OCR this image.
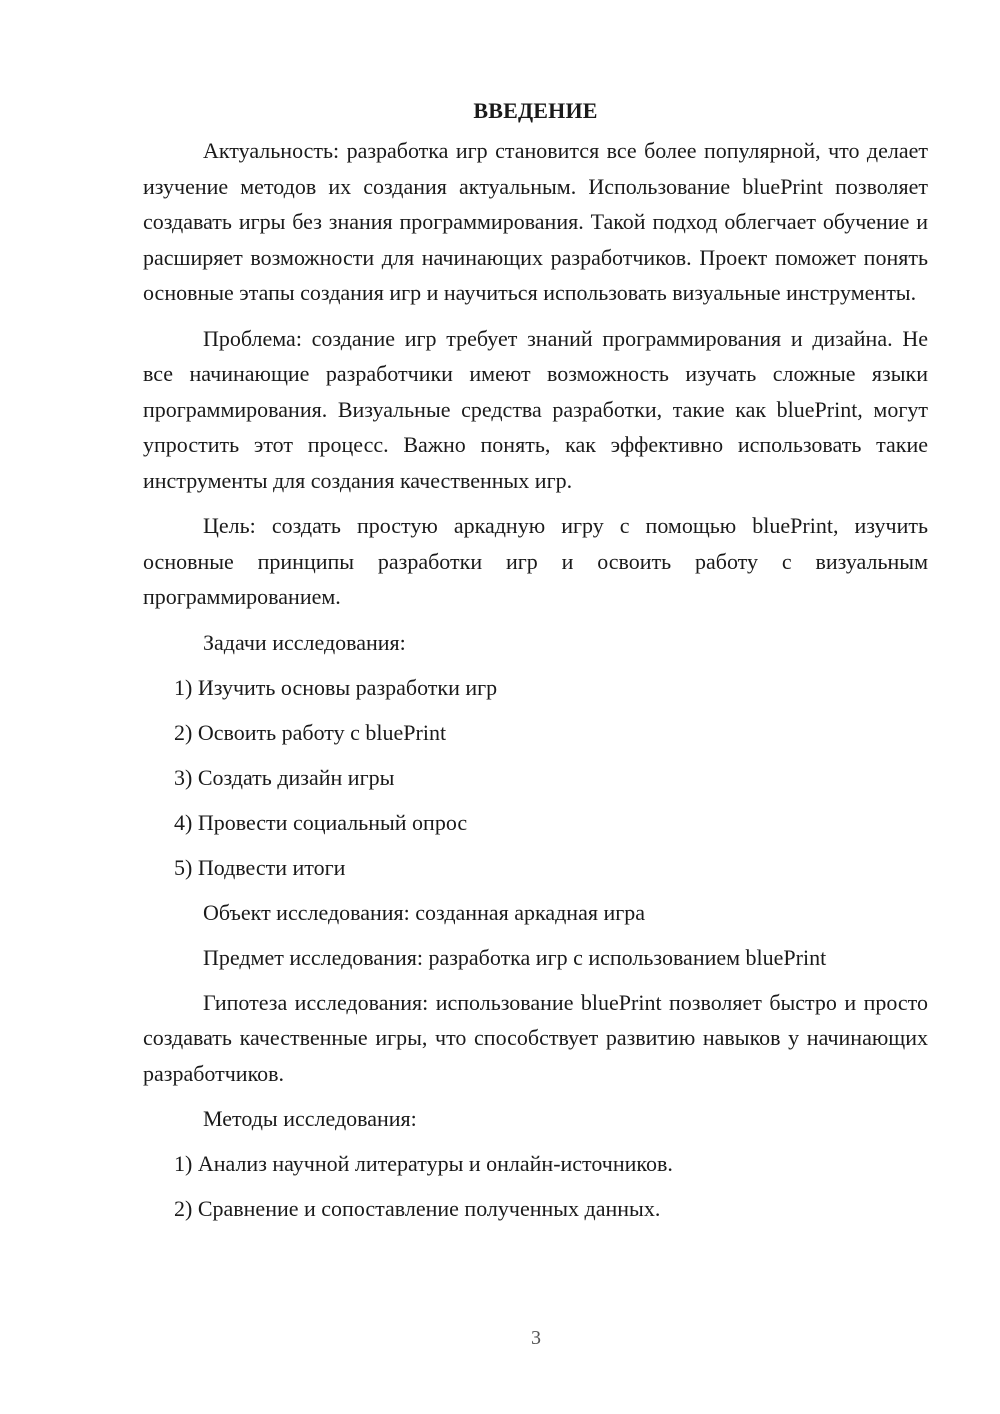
ВВЕДЕНИЕ

Актуальность: разработка игр становится все более популярной, что делает изучение методов их создания актуальным. Использование bluePrint позволяет создавать игры без знания программирования. Такой подход облегчает обучение и расширяет возможности для начинающих разработчиков. Проект поможет понять основные этапы создания игр и научиться использовать визуальные инструменты.

Проблема: создание игр требует знаний программирования и дизайна. Не все начинающие разработчики имеют возможность изучать сложные языки программирования. Визуальные средства разработки, такие как bluePrint, могут упростить этот процесс. Важно понять, как эффективно использовать такие инструменты для создания качественных игр.

Цель: создать простую аркадную игру с помощью bluePrint, изучить основные принципы разработки игр и освоить работу с визуальным программированием.

Задачи исследования:
1) Изучить основы разработки игр
2) Освоить работу с bluePrint
3) Создать дизайн игры
4) Провести социальный опрос
5) Подвести итоги
Объект исследования: созданная аркадная игра
Предмет исследования: разработка игр с использованием bluePrint

Гипотеза исследования: использование bluePrint позволяет быстро и просто создавать качественные игры, что способствует развитию навыков у начинающих разработчиков.

Методы исследования:
1) Анализ научной литературы и онлайн-источников.
2) Сравнение и сопоставление полученных данных.
3
